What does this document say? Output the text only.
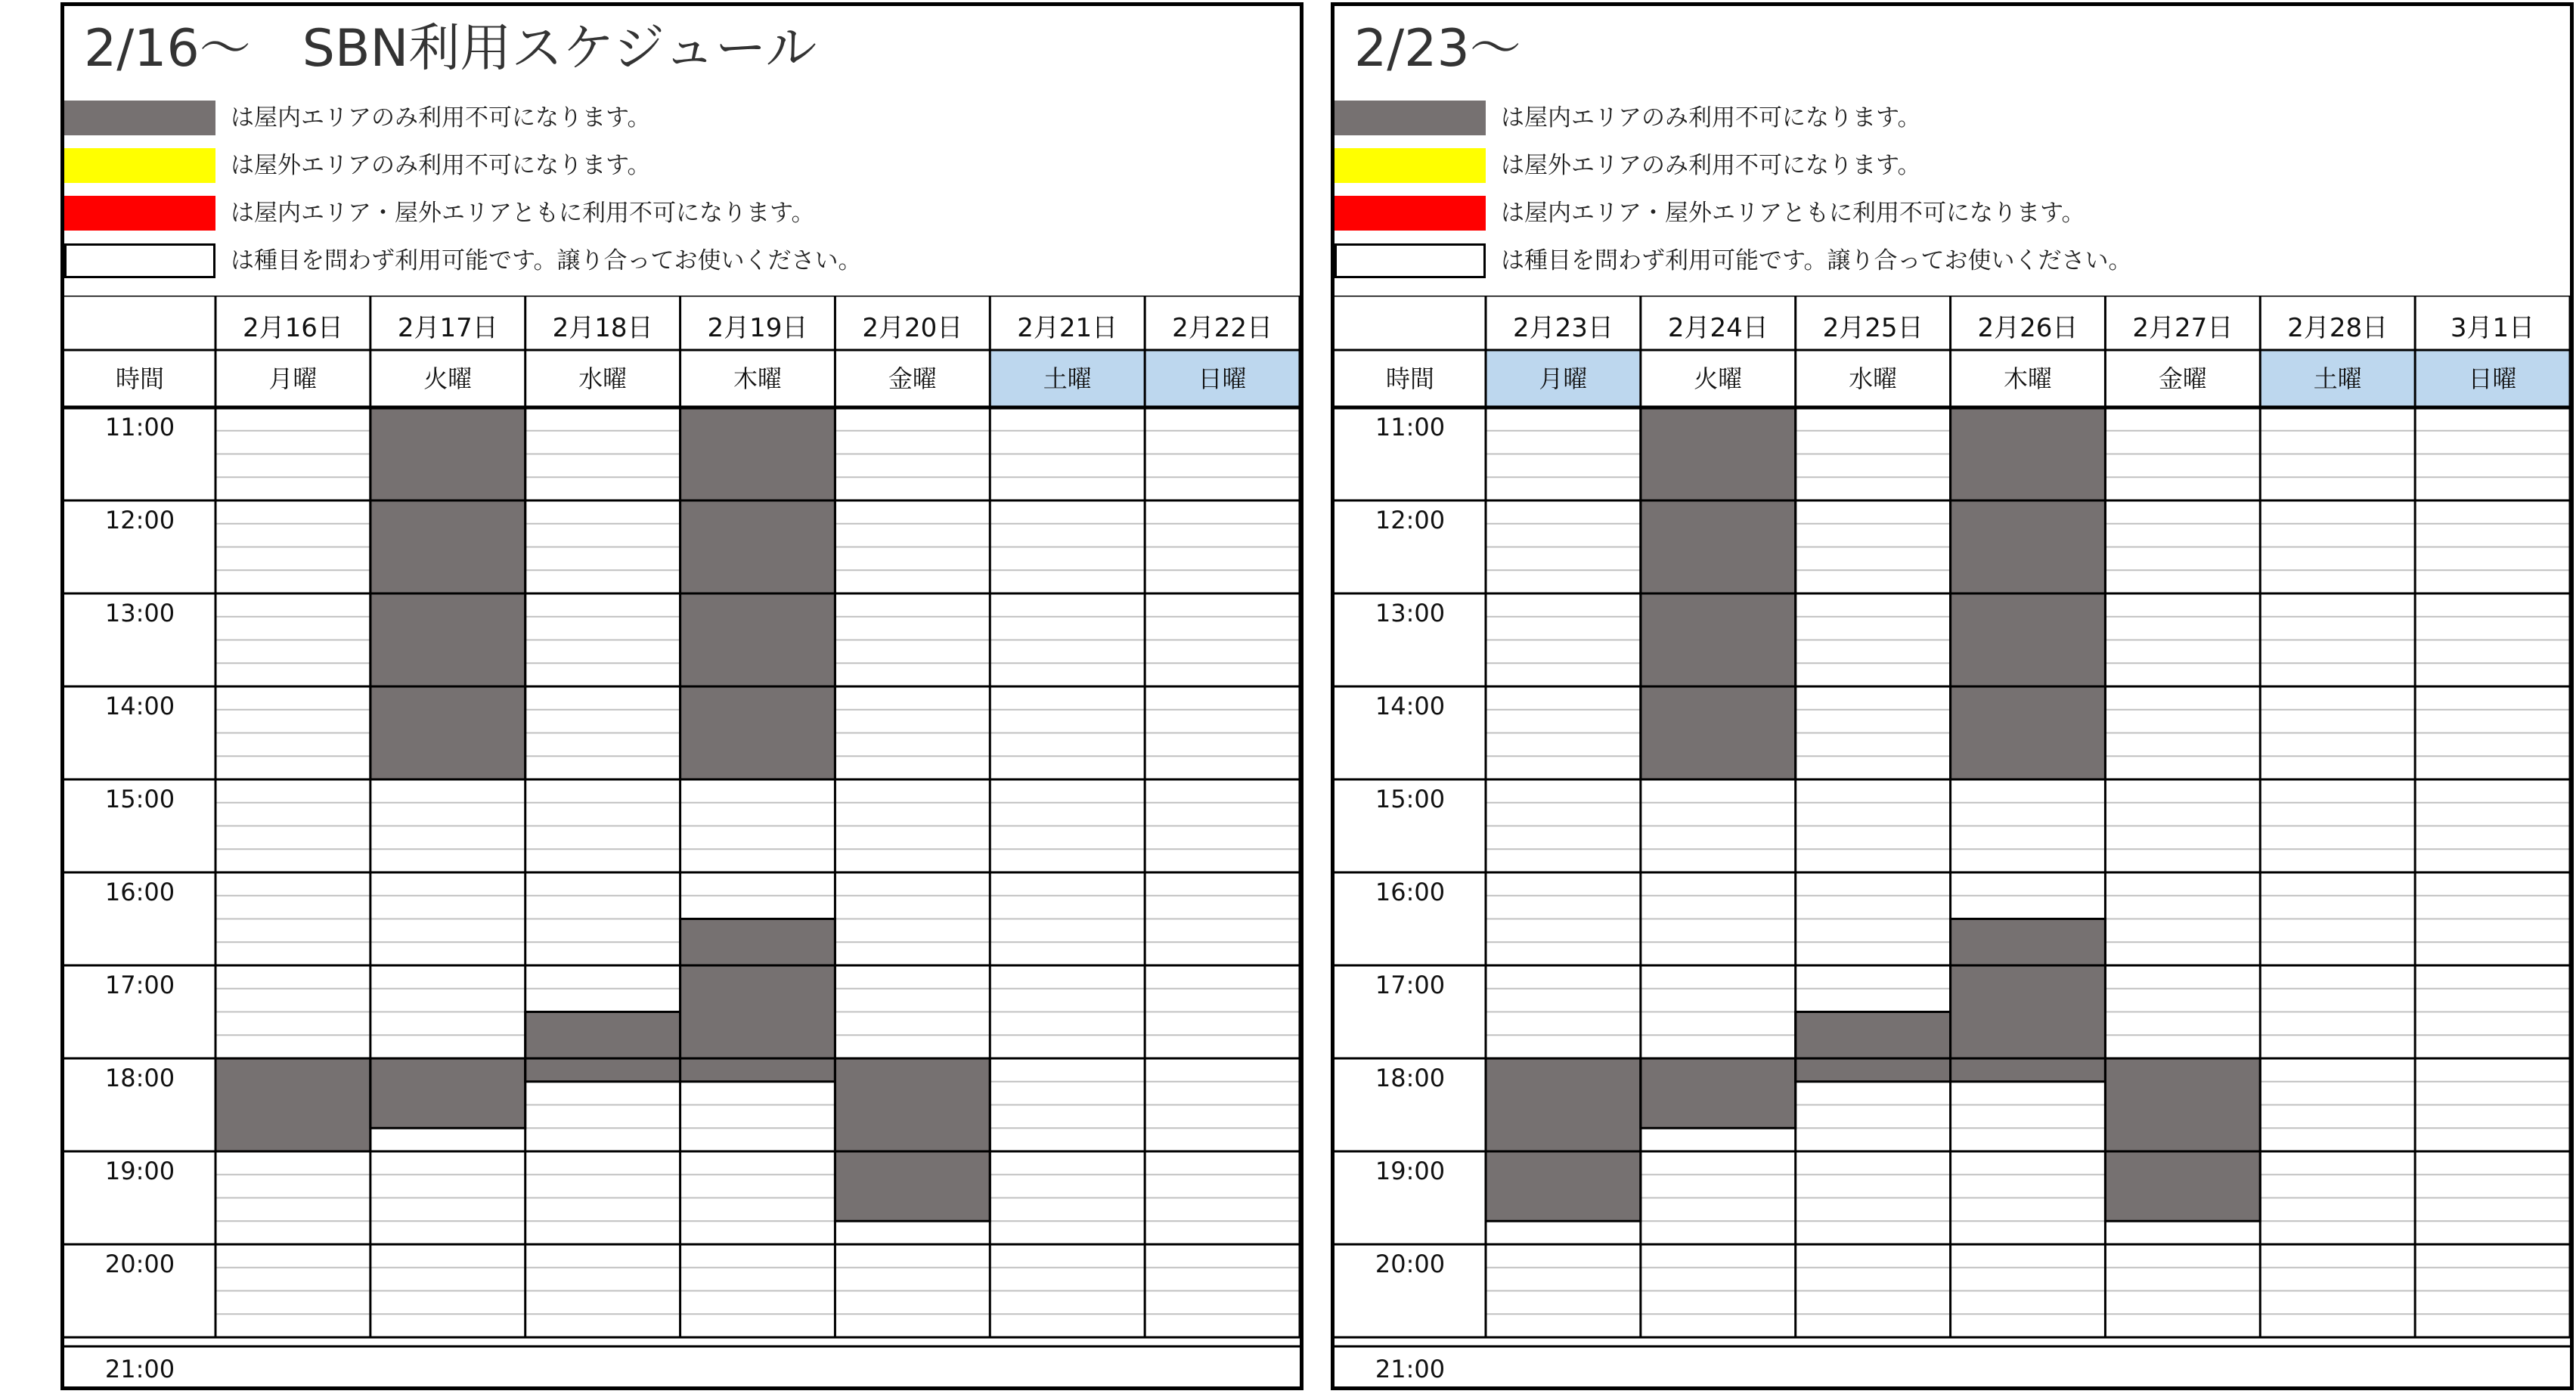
2/16〜　SBN利用スケジュール
は屋内エリアのみ利用不可になります。
は屋外エリアのみ利用不可になります。
は屋内エリア・屋外エリアともに利用不可になります。
は種目を問わず利用可能です。譲り合ってお使いください。
2月16日
月曜
2月17日
火曜
2月18日
水曜
2月19日
木曜
2月20日
金曜
2月21日
土曜
2月22日
日曜
時間
11:00
12:00
13:00
14:00
15:00
16:00
17:00
18:00
19:00
20:00
21:00
2/23〜
は屋内エリアのみ利用不可になります。
は屋外エリアのみ利用不可になります。
は屋内エリア・屋外エリアともに利用不可になります。
は種目を問わず利用可能です。譲り合ってお使いください。
2月23日
月曜
2月24日
火曜
2月25日
水曜
2月26日
木曜
2月27日
金曜
2月28日
土曜
3月1日
日曜
時間
11:00
12:00
13:00
14:00
15:00
16:00
17:00
18:00
19:00
20:00
21:00
